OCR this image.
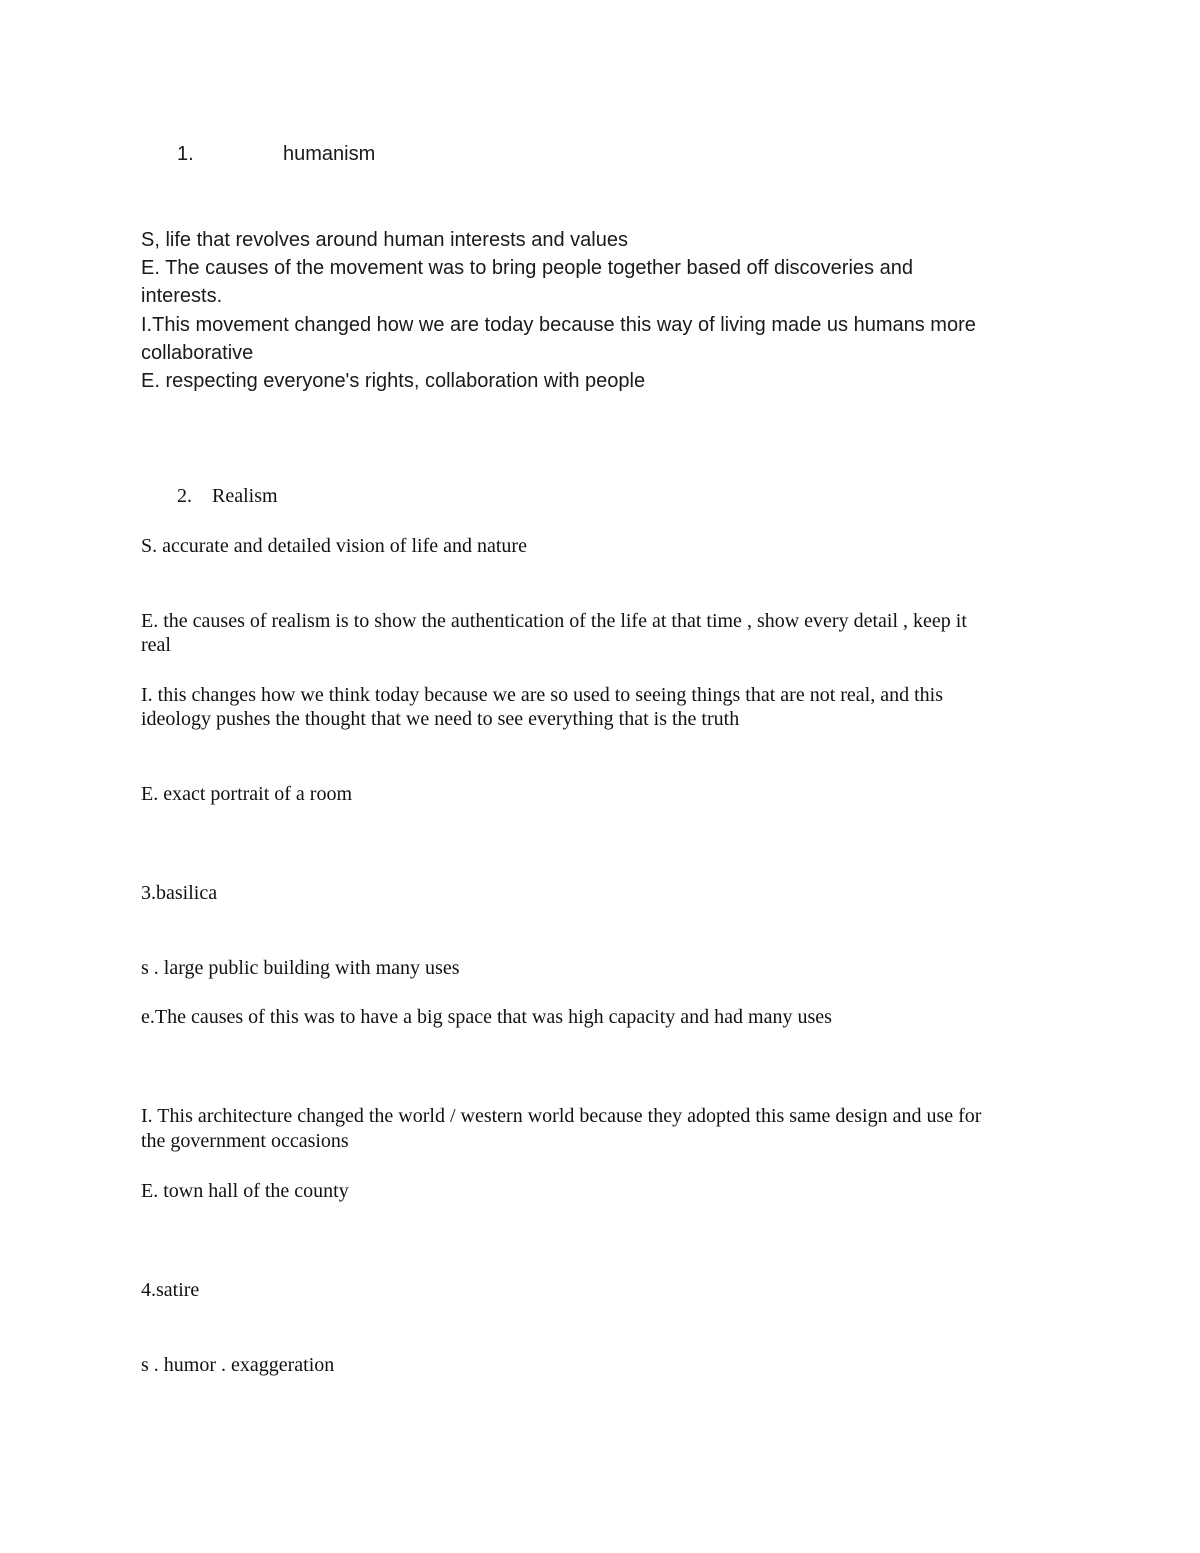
1.	humanism
S, life that revolves around human interests and values
E. The causes of the movement was to bring people together based off discoveries and
interests.
I.This movement changed how we are today because this way of living made us humans more
collaborative
E. respecting everyone's rights, collaboration with people
2. Realism
S. accurate and detailed vision of life and nature
E. the causes of realism is to show the authentication of the life at that time , show every detail , keep it
real
I. this changes how we think today because we are so used to seeing things that are not real, and this
ideology pushes the thought that we need to see everything that is the truth
E. exact portrait of a room
3.basilica
s . large public building with many uses
e.The causes of this was to have a big space that was high capacity and had many uses
I. This architecture changed the world / western world because they adopted this same design and use for
the government occasions
E. town hall of the county
4.satire
s . humor . exaggeration
